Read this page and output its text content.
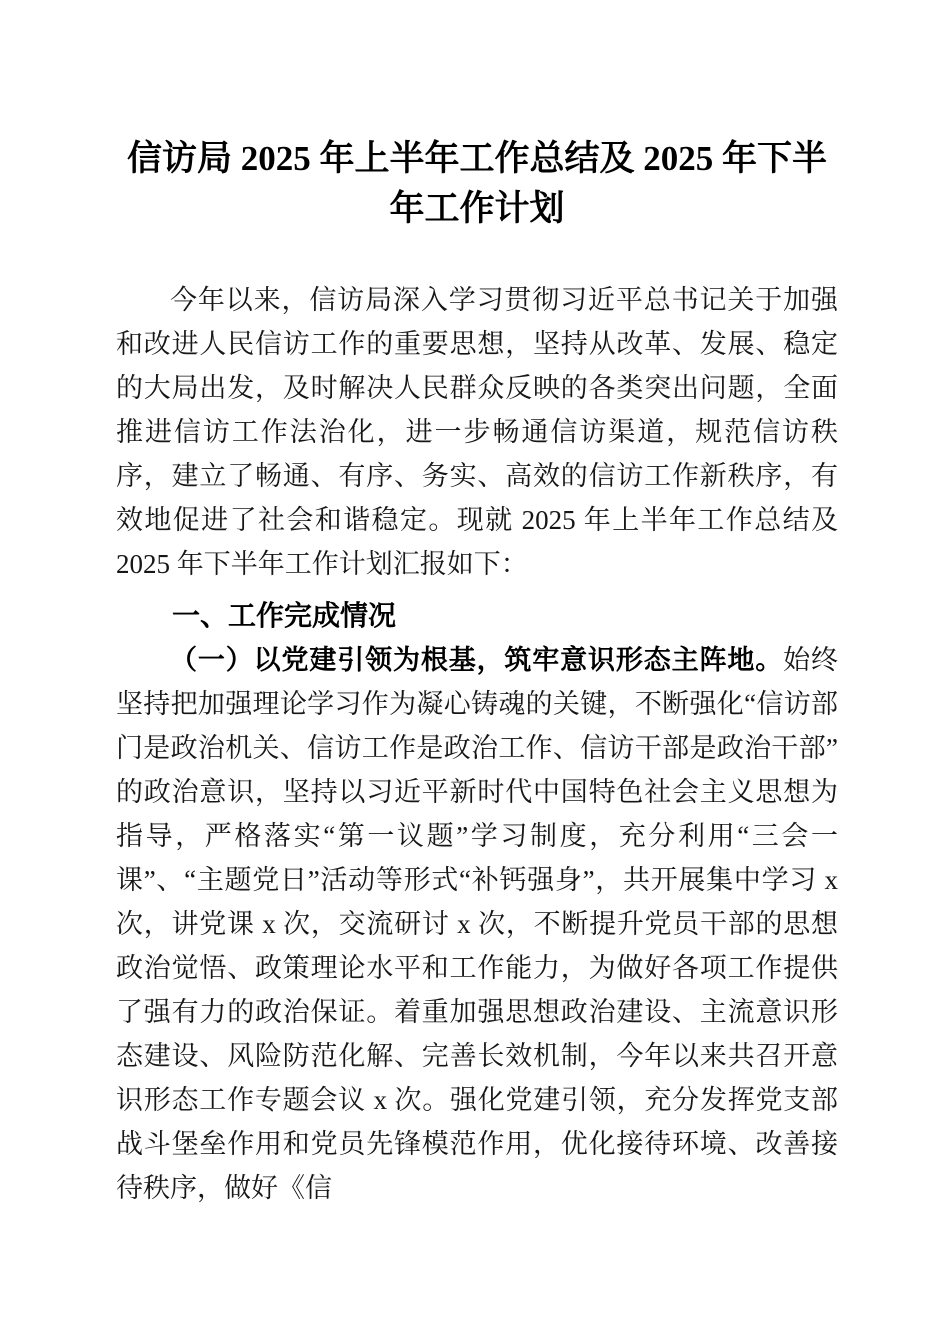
信访局 2025 年上半年工作总结及 2025 年下半年工作计划

今年以来，信访局深入学习贯彻习近平总书记关于加强和改进人民信访工作的重要思想，坚持从改革、发展、稳定的大局出发，及时解决人民群众反映的各类突出问题，全面推进信访工作法治化，进一步畅通信访渠道，规范信访秩序，建立了畅通、有序、务实、高效的信访工作新秩序，有效地促进了社会和谐稳定。现就 2025 年上半年工作总结及 2025 年下半年工作计划汇报如下：

一、工作完成情况

（一）以党建引领为根基，筑牢意识形态主阵地。始终坚持把加强理论学习作为凝心铸魂的关键，不断强化“信访部门是政治机关、信访工作是政治工作、信访干部是政治干部”的政治意识，坚持以习近平新时代中国特色社会主义思想为指导，严格落实“第一议题”学习制度，充分利用“三会一课”、“主题党日”活动等形式“补钙强身”，共开展集中学习 x 次，讲党课 x 次，交流研讨 x 次，不断提升党员干部的思想政治觉悟、政策理论水平和工作能力，为做好各项工作提供了强有力的政治保证。着重加强思想政治建设、主流意识形态建设、风险防范化解、完善长效机制，今年以来共召开意识形态工作专题会议 x 次。强化党建引领，充分发挥党支部战斗堡垒作用和党员先锋模范作用，优化接待环境、改善接待秩序，做好《信
